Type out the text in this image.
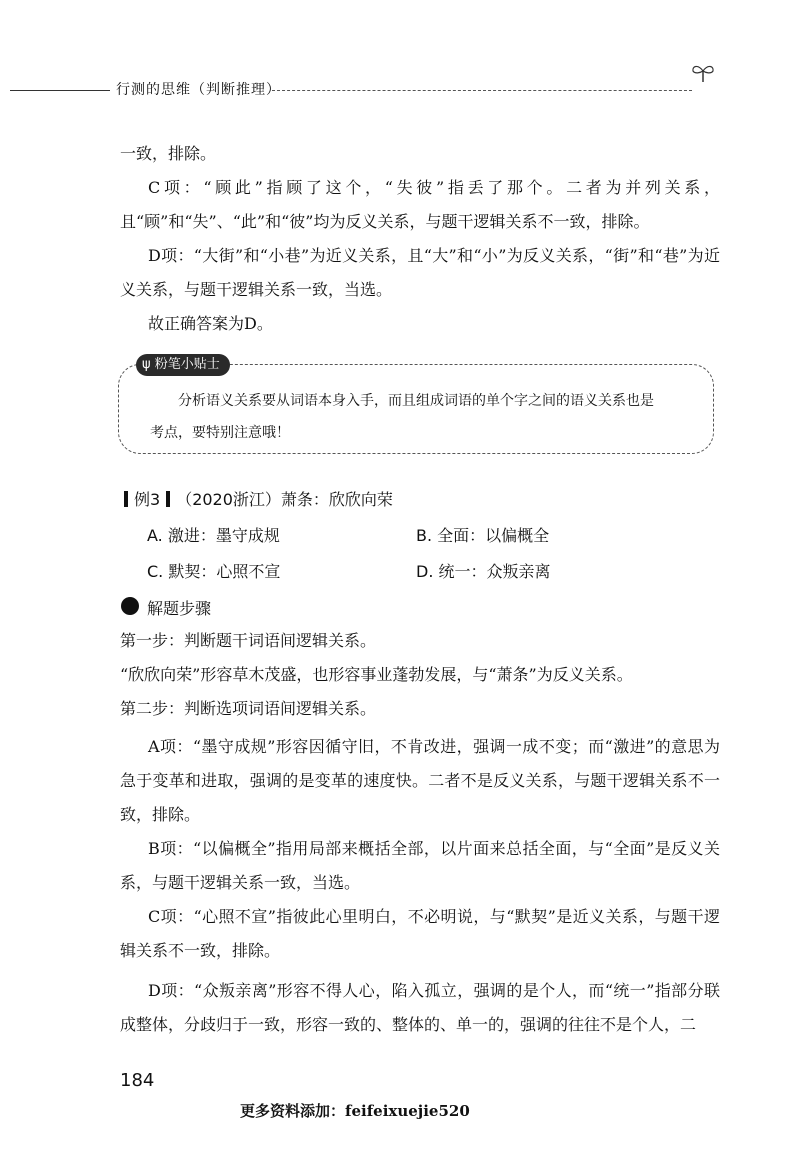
行测的思维（判断推理）

一致，排除。

C项：“顾此”指顾了这个，“失彼”指丢了那个。二者为并列关系，且“顾”和“失”、“此”和“彼”均为反义关系，与题干逻辑关系不一致，排除。

D项：“大街”和“小巷”为近义关系，且“大”和“小”为反义关系，“街”和“巷”为近义关系，与题干逻辑关系一致，当选。

故正确答案为D。

ψ 粉笔小贴士

分析语义关系要从词语本身入手，而且组成词语的单个字之间的语义关系也是

考点，要特别注意哦！

例3 （2020浙江）萧条：欣欣向荣

A. 激进：墨守成规	B. 全面：以偏概全

C. 默契：心照不宣	D. 统一：众叛亲离

解题步骤

第一步：判断题干词语间逻辑关系。

“欣欣向荣”形容草木茂盛，也形容事业蓬勃发展，与“萧条”为反义关系。

第二步：判断选项词语间逻辑关系。

A项：“墨守成规”形容因循守旧，不肯改进，强调一成不变；而“激进”的意思为急于变革和进取，强调的是变革的速度快。二者不是反义关系，与题干逻辑关系不一致，排除。

B项：“以偏概全”指用局部来概括全部，以片面来总括全面，与“全面”是反义关系，与题干逻辑关系一致，当选。

C项：“心照不宣”指彼此心里明白，不必明说，与“默契”是近义关系，与题干逻辑关系不一致，排除。

D项：“众叛亲离”形容不得人心，陷入孤立，强调的是个人，而“统一”指部分联成整体，分歧归于一致，形容一致的、整体的、单一的，强调的往往不是个人，二

184
更多资料添加：feifeixuejie520
